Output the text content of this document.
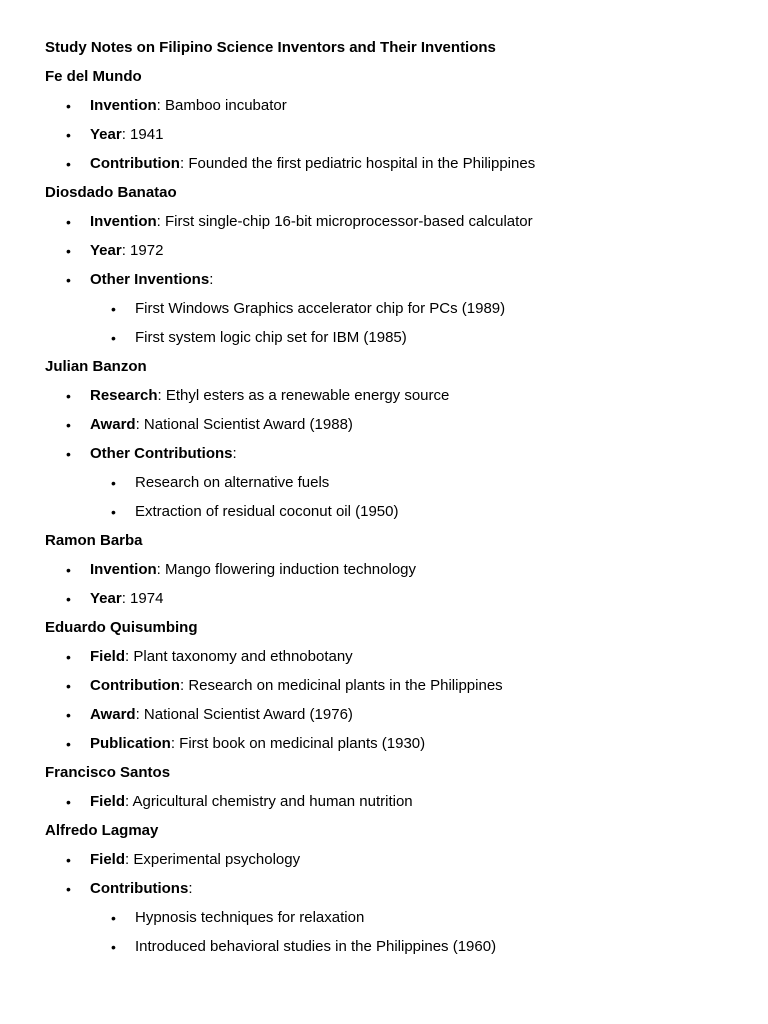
Study Notes on Filipino Science Inventors and Their Inventions
Fe del Mundo
• Invention: Bamboo incubator
• Year: 1941
• Contribution: Founded the first pediatric hospital in the Philippines
Diosdado Banatao
• Invention: First single-chip 16-bit microprocessor-based calculator
• Year: 1972
• Other Inventions:
• First Windows Graphics accelerator chip for PCs (1989)
• First system logic chip set for IBM (1985)
Julian Banzon
• Research: Ethyl esters as a renewable energy source
• Award: National Scientist Award (1988)
• Other Contributions:
• Research on alternative fuels
• Extraction of residual coconut oil (1950)
Ramon Barba
• Invention: Mango flowering induction technology
• Year: 1974
Eduardo Quisumbing
• Field: Plant taxonomy and ethnobotany
• Contribution: Research on medicinal plants in the Philippines
• Award: National Scientist Award (1976)
• Publication: First book on medicinal plants (1930)
Francisco Santos
• Field: Agricultural chemistry and human nutrition
Alfredo Lagmay
• Field: Experimental psychology
• Contributions:
• Hypnosis techniques for relaxation
• Introduced behavioral studies in the Philippines (1960)
